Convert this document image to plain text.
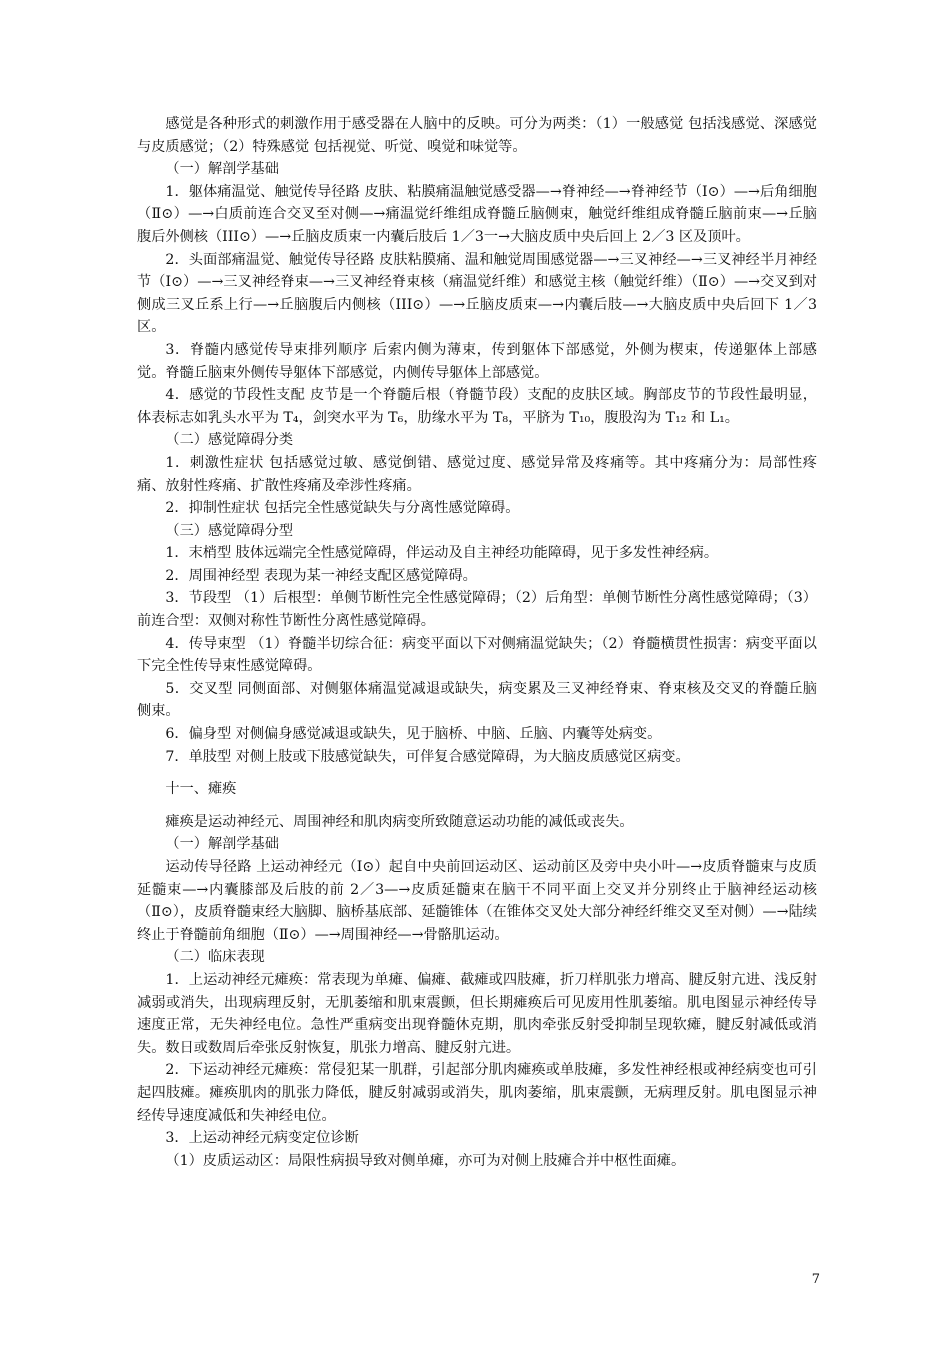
感觉是各种形式的刺激作用于感受器在人脑中的反映。可分为两类：（1）一般感觉 包括浅感觉、深感觉与皮质感觉；（2）特殊感觉 包括视觉、听觉、嗅觉和味觉等。

（一）解剖学基础

1．躯体痛温觉、触觉传导径路 皮肤、粘膜痛温触觉感受器—→脊神经—→脊神经节（I⊙）—→后角细胞（Ⅱ⊙）—→白质前连合交叉至对侧—→痛温觉纤维组成脊髓丘脑侧束，触觉纤维组成脊髓丘脑前束—→丘脑腹后外侧核（III⊙）—→丘脑皮质束一内囊后肢后 1／3一→大脑皮质中央后回上 2／3 区及顶叶。

2．头面部痛温觉、触觉传导径路 皮肤粘膜痛、温和触觉周围感觉器—→三叉神经—→三叉神经半月神经节（I⊙）—→三叉神经脊束—→三叉神经脊束核（痛温觉纤维）和感觉主核（触觉纤维）（Ⅱ⊙）—→交叉到对侧成三叉丘系上行—→丘脑腹后内侧核（III⊙）—→丘脑皮质束—→内囊后肢—→大脑皮质中央后回下 1／3 区。

3．脊髓内感觉传导束排列顺序 后索内侧为薄束，传到躯体下部感觉，外侧为楔束，传递躯体上部感觉。脊髓丘脑束外侧传导躯体下部感觉，内侧传导躯体上部感觉。

4．感觉的节段性支配 皮节是一个脊髓后根（脊髓节段）支配的皮肤区域。胸部皮节的节段性最明显，体表标志如乳头水平为 T₄，剑突水平为 T₆，肋缘水平为 T₈，平脐为 T₁₀，腹股沟为 T₁₂ 和 L₁。

（二）感觉障碍分类

1．刺激性症状 包括感觉过敏、感觉倒错、感觉过度、感觉异常及疼痛等。其中疼痛分为：局部性疼痛、放射性疼痛、扩散性疼痛及牵涉性疼痛。

2．抑制性症状 包括完全性感觉缺失与分离性感觉障碍。

（三）感觉障碍分型

1．末梢型 肢体远端完全性感觉障碍，伴运动及自主神经功能障碍，见于多发性神经病。

2．周围神经型 表现为某一神经支配区感觉障碍。

3．节段型 （1）后根型：单侧节断性完全性感觉障碍；（2）后角型：单侧节断性分离性感觉障碍；（3）前连合型：双侧对称性节断性分离性感觉障碍。

4．传导束型 （1）脊髓半切综合征：病变平面以下对侧痛温觉缺失；（2）脊髓横贯性损害：病变平面以下完全性传导束性感觉障碍。

5．交叉型 同侧面部、对侧躯体痛温觉减退或缺失，病变累及三叉神经脊束、脊束核及交叉的脊髓丘脑侧束。

6．偏身型 对侧偏身感觉减退或缺失，见于脑桥、中脑、丘脑、内囊等处病变。

7．单肢型 对侧上肢或下肢感觉缺失，可伴复合感觉障碍，为大脑皮质感觉区病变。

十一、瘫痪

瘫痪是运动神经元、周围神经和肌肉病变所致随意运动功能的减低或丧失。

（一）解剖学基础

运动传导径路 上运动神经元（I⊙）起自中央前回运动区、运动前区及旁中央小叶—→皮质脊髓束与皮质延髓束—→内囊膝部及后肢的前 2／3—→皮质延髓束在脑干不同平面上交叉并分别终止于脑神经运动核（Ⅱ⊙），皮质脊髓束经大脑脚、脑桥基底部、延髓锥体（在锥体交叉处大部分神经纤维交叉至对侧）—→陆续终止于脊髓前角细胞（Ⅱ⊙）—→周围神经—→骨骼肌运动。

（二）临床表现

1．上运动神经元瘫痪：常表现为单瘫、偏瘫、截瘫或四肢瘫，折刀样肌张力增高、腱反射亢进、浅反射减弱或消失，出现病理反射，无肌萎缩和肌束震颤，但长期瘫痪后可见废用性肌萎缩。肌电图显示神经传导速度正常，无失神经电位。急性严重病变出现脊髓休克期，肌肉牵张反射受抑制呈现软瘫，腱反射减低或消失。数日或数周后牵张反射恢复，肌张力增高、腱反射亢进。

2．下运动神经元瘫痪：常侵犯某一肌群，引起部分肌肉瘫痪或单肢瘫，多发性神经根或神经病变也可引起四肢瘫。瘫痪肌肉的肌张力降低，腱反射减弱或消失，肌肉萎缩，肌束震颤，无病理反射。肌电图显示神经传导速度减低和失神经电位。

3．上运动神经元病变定位诊断

（1）皮质运动区：局限性病损导致对侧单瘫，亦可为对侧上肢瘫合并中枢性面瘫。

7
